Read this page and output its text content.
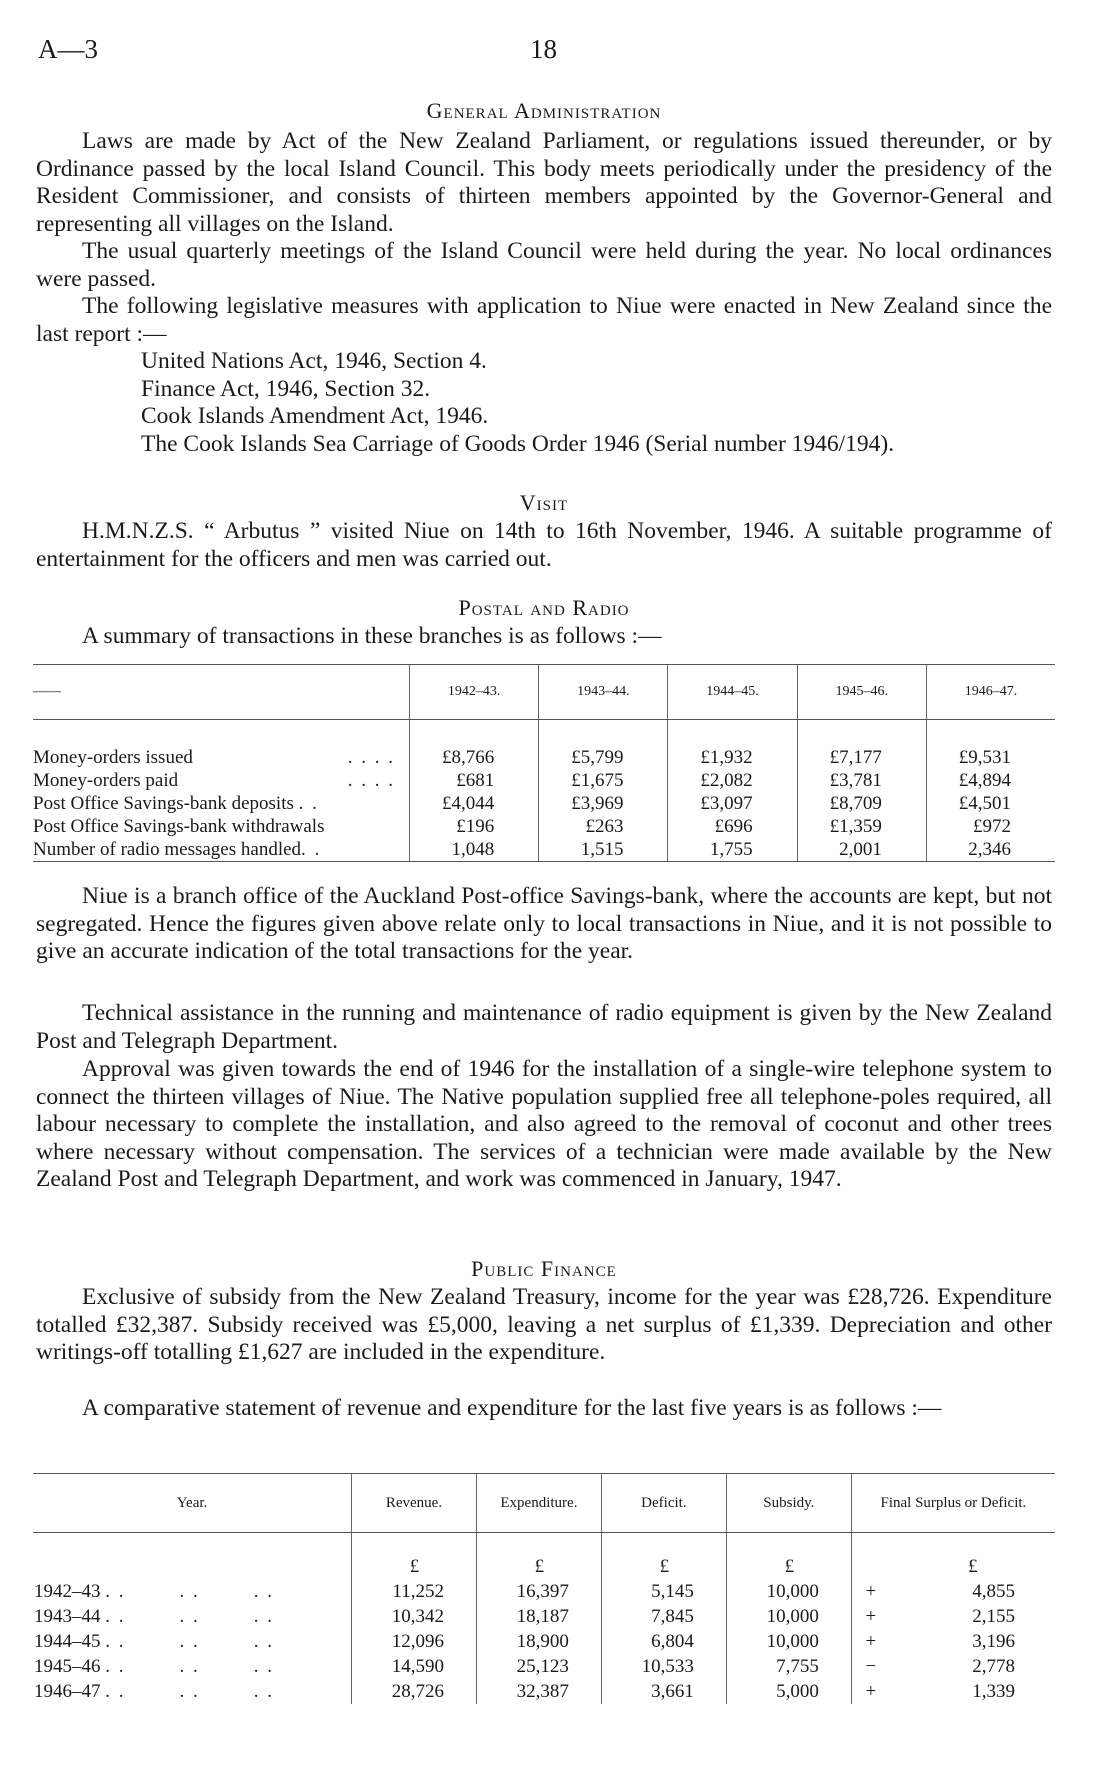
A—3	18
General Administration

Laws are made by Act of the New Zealand Parliament, or regulations issued thereunder, or by Ordinance passed by the local Island Council. This body meets periodically under the presidency of the Resident Commissioner, and consists of thirteen members appointed by the Governor-General and representing all villages on the Island.

The usual quarterly meetings of the Island Council were held during the year. No local ordinances were passed.

The following legislative measures with application to Niue were enacted in New Zealand since the last report :—

United Nations Act, 1946, Section 4.
Finance Act, 1946, Section 32.
Cook Islands Amendment Act, 1946.
The Cook Islands Sea Carriage of Goods Order 1946 (Serial number 1946/194).
Visit

H.M.N.Z.S. “ Arbutus ” visited Niue on 14th to 16th November, 1946. A suitable programme of entertainment for the officers and men was carried out.

Postal and Radio

A summary of transactions in these branches is as follows :—

——	1942–43.	1943–44.	1944–45.	1945–46.	1946–47.

Money-orders issued . . . .	£8,766	£5,799	£1,932	£7,177	£9,531
Money-orders paid . . . .	£681	£1,675	£2,082	£3,781	£4,894
Post Office Savings-bank deposits . .	£4,044	£3,969	£3,097	£8,709	£4,501
Post Office Savings-bank withdrawals	£196	£263	£696	£1,359	£972
Number of radio messages handled. .	1,048	1,515	1,755	2,001	2,346

Niue is a branch office of the Auckland Post-office Savings-bank, where the accounts are kept, but not segregated. Hence the figures given above relate only to local transactions in Niue, and it is not possible to give an accurate indication of the total transactions for the year.

Technical assistance in the running and maintenance of radio equipment is given by the New Zealand Post and Telegraph Department.

Approval was given towards the end of 1946 for the installation of a single-wire telephone system to connect the thirteen villages of Niue. The Native population supplied free all telephone-poles required, all labour necessary to complete the installation, and also agreed to the removal of coconut and other trees where necessary without compensation. The services of a technician were made available by the New Zealand Post and Telegraph Department, and work was commenced in January, 1947.

Public Finance

Exclusive of subsidy from the New Zealand Treasury, income for the year was £28,726. Expenditure totalled £32,387. Subsidy received was £5,000, leaving a net surplus of £1,339. Depreciation and other writings-off totalling £1,627 are included in the expenditure.

A comparative statement of revenue and expenditure for the last five years is as follows :—

Year.	Revenue.	Expenditure.	Deficit.	Subsidy.	Final Surplus or Deficit.	
	£	£	£	£		£
1942–43 . .        . .        . .	11,252	16,397	5,145	10,000	+	4,855
1943–44 . .        . .        . .	10,342	18,187	7,845	10,000	+	2,155
1944–45 . .        . .        . .	12,096	18,900	6,804	10,000	+	3,196
1945–46 . .        . .        . .	14,590	25,123	10,533	7,755	−	2,778
1946–47 . .        . .        . .	28,726	32,387	3,661	5,000	+	1,339
